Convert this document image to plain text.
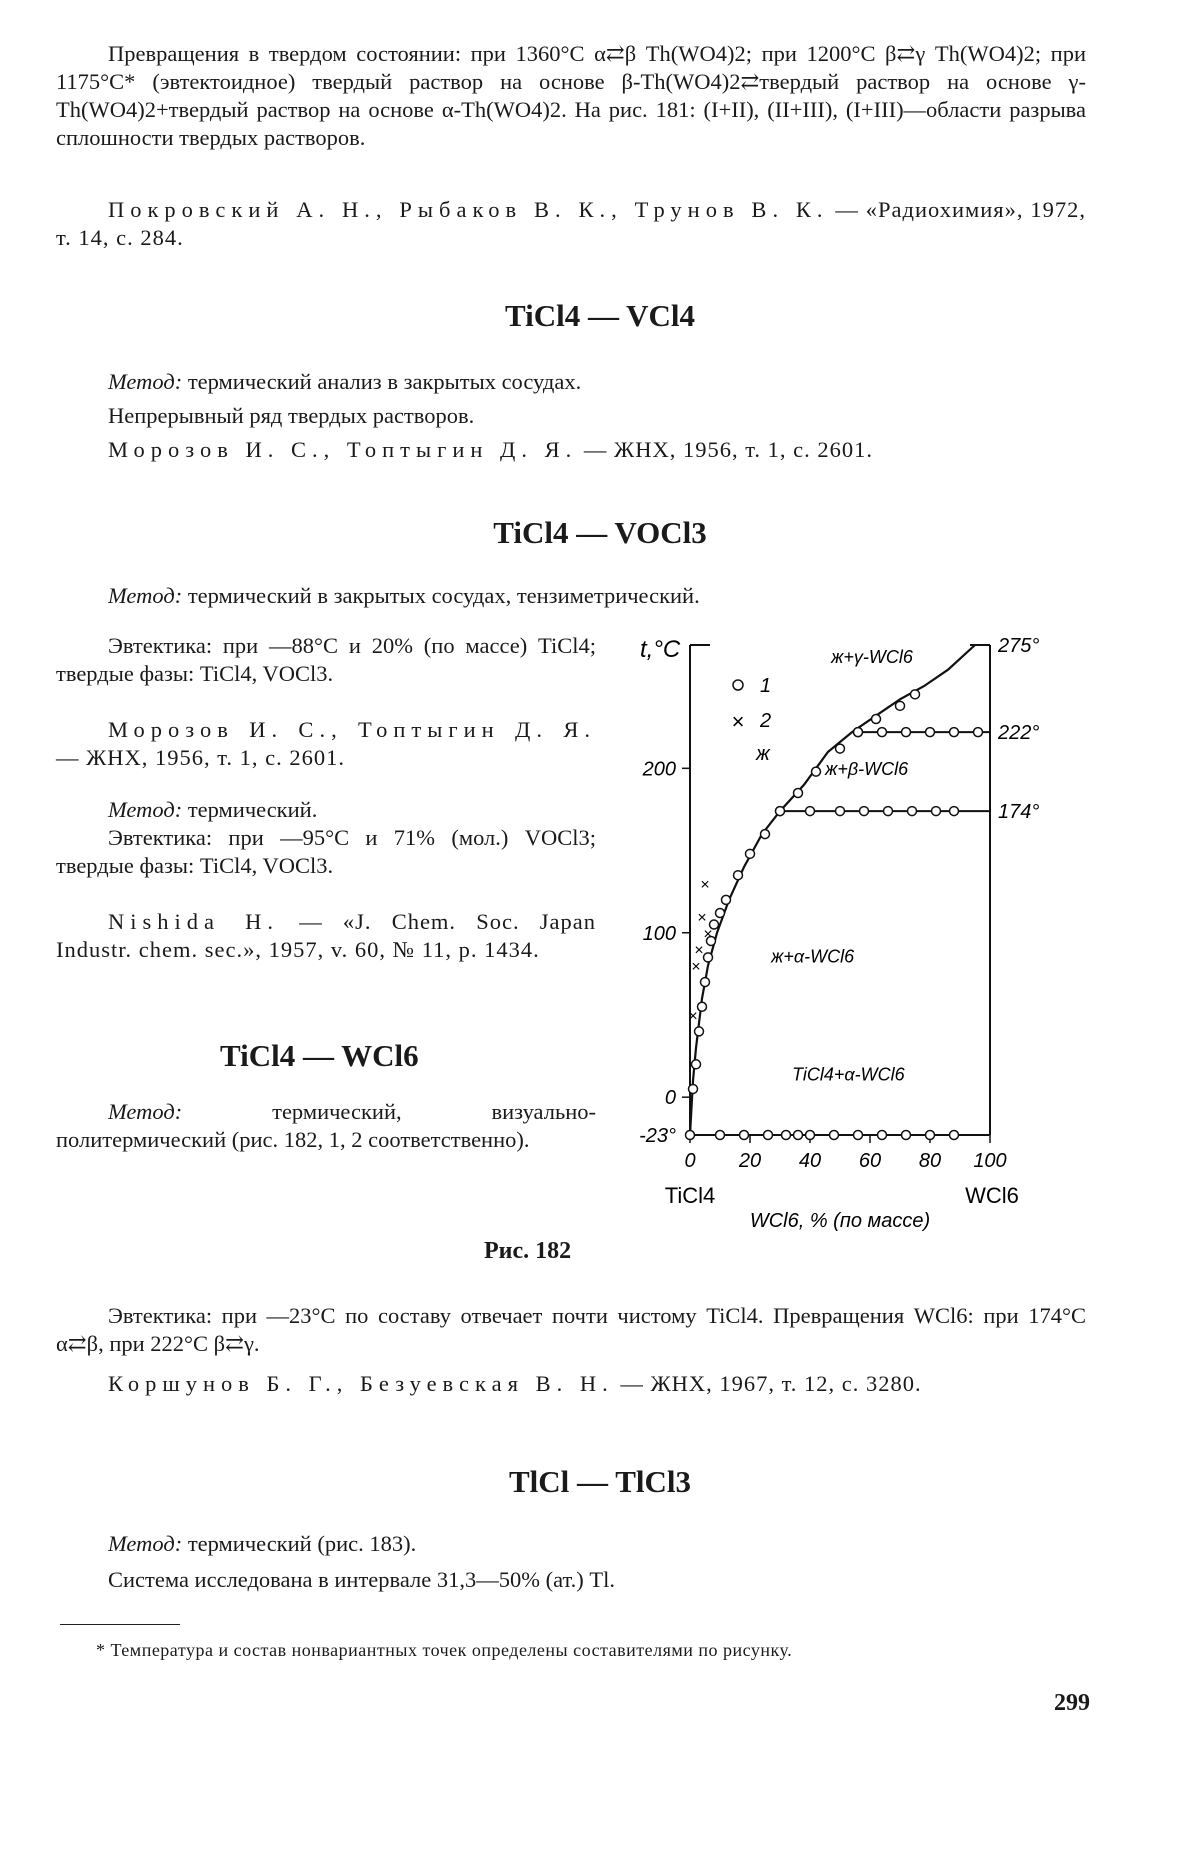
Превращения в твердом состоянии: при 1360°C α⇄β Th(WO4)2; при 1200°C β⇄γ Th(WO4)2; при 1175°C* (эвтектоидное) твердый раствор на основе β-Th(WO4)2⇄твердый раствор на основе γ-Th(WO4)2+твердый раствор на основе α-Th(WO4)2. На рис. 181: (I+II), (II+III), (I+III)—области разрыва сплошности твердых растворов.

Покровский А. Н., Рыбаков В. К., Трунов В. К. — «Радиохимия», 1972, т. 14, с. 284.

TiCl4 — VCl4

Метод: термический анализ в закрытых сосудах.

Непрерывный ряд твердых растворов.

Морозов И. С., Топтыгин Д. Я. — ЖНХ, 1956, т. 1, с. 2601.

TiCl4 — VOCl3

Метод: термический в закрытых сосудах, тензиметрический.

Эвтектика: при —88°C и 20% (по массе) TiCl4; твердые фазы: TiCl4, VOCl3.

Морозов И. С., Топтыгин Д. Я. — ЖНХ, 1956, т. 1, с. 2601.

Метод: термический.

Эвтектика: при —95°C и 71% (мол.) VOCl3; твердые фазы: TiCl4, VOCl3.

Nishida H. — «J. Chem. Soc. Japan Industr. chem. sec.», 1957, v. 60, № 11, p. 1434.

TiCl4 — WCl6

Метод:	термический, визуально-политермический (рис. 182, 1, 2 соответственно).

Рис. 182

0
100
200
-23°
t,°C
0 20 40 60 80 100
TiCl4	WCl6
WCl6, % (по массе)
×
×
×
×
×
×
1
× 2
275°
222°
174°
ж
ж+γ-WCl6
ж+β-WCl6
ж+α-WCl6
TiCl4+α-WCl6

Эвтектика: при —23°C по составу отвечает почти чистому TiCl4. Превращения WCl6: при 174°C α⇄β, при 222°C β⇄γ.

Коршунов Б. Г., Безуевская В. Н. — ЖНХ, 1967, т. 12, с. 3280.

TlCl — TlCl3

Метод: термический (рис. 183).

Система исследована в интервале 31,3—50% (ат.) Tl.

* Температура и состав нонвариантных точек определены составителями по рисунку.

299
